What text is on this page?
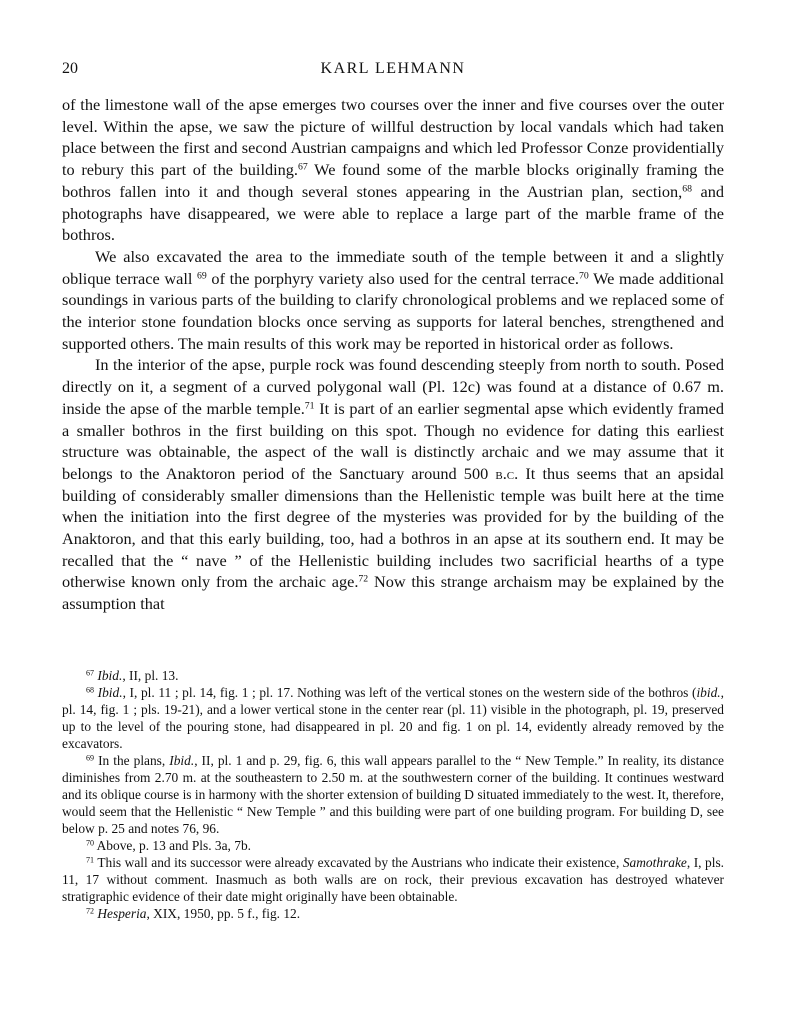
20	KARL LEHMANN

of the limestone wall of the apse emerges two courses over the inner and five courses over the outer level. Within the apse, we saw the picture of willful destruction by local vandals which had taken place between the first and second Austrian campaigns and which led Professor Conze providentially to rebury this part of the building.$^{67}$ We found some of the marble blocks originally framing the bothros fallen into it and though several stones appearing in the Austrian plan, section,$^{68}$ and photographs have disappeared, we were able to replace a large part of the marble frame of the bothros.

We also excavated the area to the immediate south of the temple between it and a slightly oblique terrace wall $^{69}$ of the porphyry variety also used for the central terrace.$^{70}$ We made additional soundings in various parts of the building to clarify chronological problems and we replaced some of the interior stone foundation blocks once serving as supports for lateral benches, strengthened and supported others. The main results of this work may be reported in historical order as follows.

In the interior of the apse, purple rock was found descending steeply from north to south. Posed directly on it, a segment of a curved polygonal wall (Pl. 12c) was found at a distance of 0.67 m. inside the apse of the marble temple.$^{71}$ It is part of an earlier segmental apse which evidently framed a smaller bothros in the first building on this spot. Though no evidence for dating this earliest structure was obtainable, the aspect of the wall is distinctly archaic and we may assume that it belongs to the Anaktoron period of the Sanctuary around 500 b.c. It thus seems that an apsidal building of considerably smaller dimensions than the Hellenistic temple was built here at the time when the initiation into the first degree of the mysteries was provided for by the building of the Anaktoron, and that this early building, too, had a bothros in an apse at its southern end. It may be recalled that the “ nave ” of the Hellenistic building includes two sacrificial hearths of a type otherwise known only from the archaic age.$^{72}$ Now this strange archaism may be explained by the assumption that

$^{67}$ Ibid., II, pl. 13.

$^{68}$ Ibid., I, pl. 11 ; pl. 14, fig. 1 ; pl. 17. Nothing was left of the vertical stones on the western side of the bothros (ibid., pl. 14, fig. 1 ; pls. 19-21), and a lower vertical stone in the center rear (pl. 11) visible in the photograph, pl. 19, preserved up to the level of the pouring stone, had disappeared in pl. 20 and fig. 1 on pl. 14, evidently already removed by the excavators.

$^{69}$ In the plans, Ibid., II, pl. 1 and p. 29, fig. 6, this wall appears parallel to the “ New Temple.” In reality, its distance diminishes from 2.70 m. at the southeastern to 2.50 m. at the southwestern corner of the building. It continues westward and its oblique course is in harmony with the shorter extension of building D situated immediately to the west. It, therefore, would seem that the Hellenistic “ New Temple ” and this building were part of one building program. For building D, see below p. 25 and notes 76, 96.

$^{70}$ Above, p. 13 and Pls. 3a, 7b.

$^{71}$ This wall and its successor were already excavated by the Austrians who indicate their existence, Samothrake, I, pls. 11, 17 without comment. Inasmuch as both walls are on rock, their previous excavation has destroyed whatever stratigraphic evidence of their date might originally have been obtainable.

$^{72}$ Hesperia, XIX, 1950, pp. 5 f., fig. 12.
